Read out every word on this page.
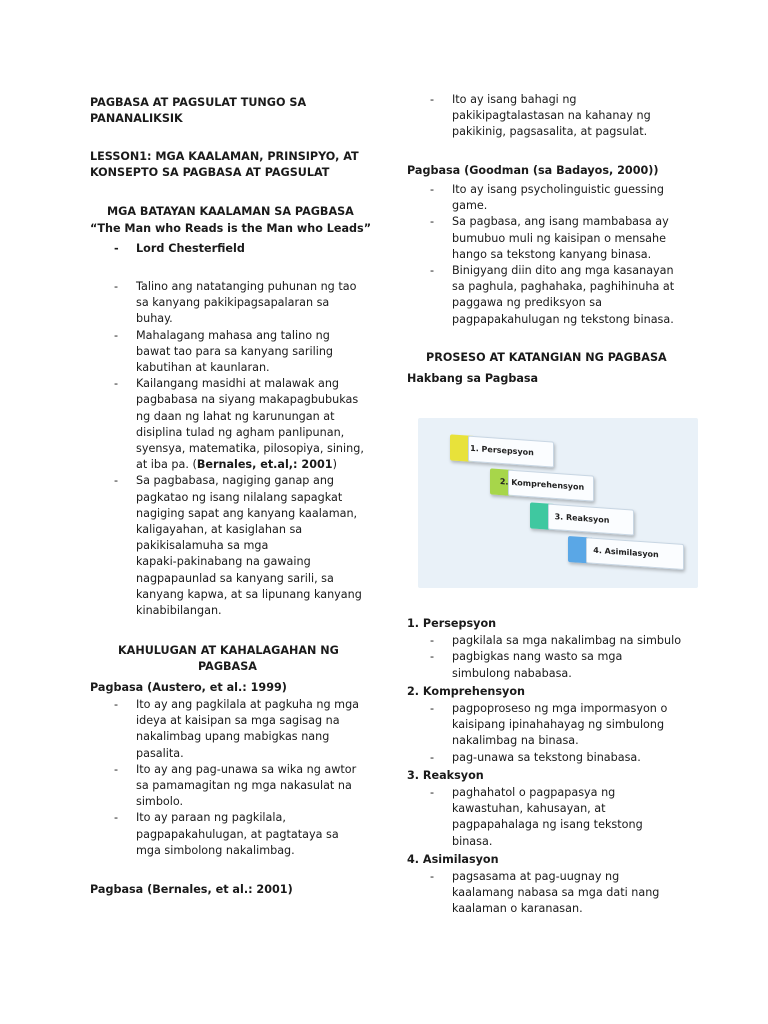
PAGBASA AT PAGSULAT TUNGO SA
PANANALIKSIK
LESSON1: MGA KAALAMAN, PRINSIPYO, AT
KONSEPTO SA PAGBASA AT PAGSULAT
MGA BATAYAN KAALAMAN SA PAGBASA
“The Man who Reads is the Man who Leads”
- Lord Chesterfield
- Talino ang natatanging puhunan ng tao
sa kanyang pakikipagsapalaran sa
buhay.
- Mahalagang mahasa ang talino ng
bawat tao para sa kanyang sariling
kabutihan at kaunlaran.
- Kailangang masidhi at malawak ang
pagbabasa na siyang makapagbubukas
ng daan ng lahat ng karunungan at
disiplina tulad ng agham panlipunan,
syensya, matematika, pilosopiya, sining,
at iba pa. (Bernales, et.al,: 2001)
- Sa pagbabasa, nagiging ganap ang
pagkatao ng isang nilalang sapagkat
nagiging sapat ang kanyang kaalaman,
kaligayahan, at kasiglahan sa
pakikisalamuha sa mga
kapaki-pakinabang na gawaing
nagpapaunlad sa kanyang sarili, sa
kanyang kapwa, at sa lipunang kanyang
kinabibilangan.
KAHULUGAN AT KAHALAGAHAN NG
PAGBASA
Pagbasa (Austero, et al.: 1999)
- Ito ay ang pagkilala at pagkuha ng mga
ideya at kaisipan sa mga sagisag na
nakalimbag upang mabigkas nang
pasalita.
- Ito ay ang pag-unawa sa wika ng awtor
sa pamamagitan ng mga nakasulat na
simbolo.
- Ito ay paraan ng pagkilala,
pagpapakahulugan, at pagtataya sa
mga simbolong nakalimbag.
Pagbasa (Bernales, et al.: 2001)
- Ito ay isang bahagi ng
pakikipagtalastasan na kahanay ng
pakikinig, pagsasalita, at pagsulat.
Pagbasa (Goodman (sa Badayos, 2000))
- Ito ay isang psycholinguistic guessing
game.
- Sa pagbasa, ang isang mambabasa ay
bumubuo muli ng kaisipan o mensahe
hango sa tekstong kanyang binasa.
- Binigyang diin dito ang mga kasanayan
sa paghula, paghahaka, paghihinuha at
paggawa ng prediksyon sa
pagpapakahulugan ng tekstong binasa.
PROSESO AT KATANGIAN NG PAGBASA
Hakbang sa Pagbasa
1. Persepsyon
2. Komprehensyon
3. Reaksyon
4. Asimilasyon
1. Persepsyon
- pagkilala sa mga nakalimbag na simbulo
- pagbigkas nang wasto sa mga
simbulong nababasa.
2. Komprehensyon
- pagpoproseso ng mga impormasyon o
kaisipang ipinahahayag ng simbulong
nakalimbag na binasa.
- pag-unawa sa tekstong binabasa.
3. Reaksyon
- paghahatol o pagpapasya ng
kawastuhan, kahusayan, at
pagpapahalaga ng isang tekstong
binasa.
4. Asimilasyon
- pagsasama at pag-uugnay ng
kaalamang nabasa sa mga dati nang
kaalaman o karanasan.
